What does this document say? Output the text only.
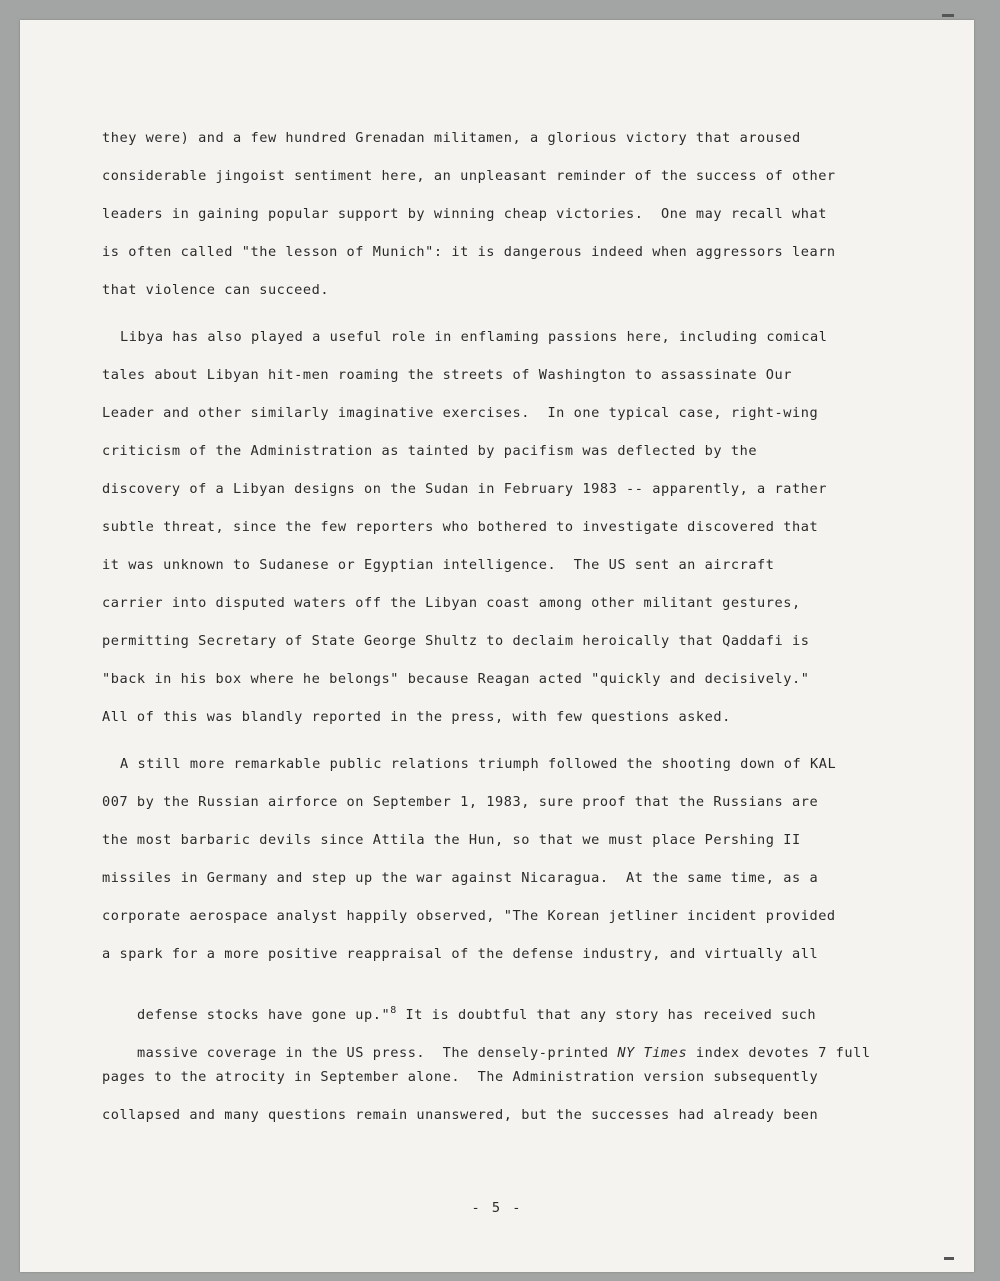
they were) and a few hundred Grenadan militamen, a glorious victory that aroused
considerable jingoist sentiment here, an unpleasant reminder of the success of other
leaders in gaining popular support by winning cheap victories.  One may recall what
is often called "the lesson of Munich": it is dangerous indeed when aggressors learn
that violence can succeed.
Libya has also played a useful role in enflaming passions here, including comical
tales about Libyan hit-men roaming the streets of Washington to assassinate Our
Leader and other similarly imaginative exercises.  In one typical case, right-wing
criticism of the Administration as tainted by pacifism was deflected by the
discovery of a Libyan designs on the Sudan in February 1983 -- apparently, a rather
subtle threat, since the few reporters who bothered to investigate discovered that
it was unknown to Sudanese or Egyptian intelligence.  The US sent an aircraft
carrier into disputed waters off the Libyan coast among other militant gestures,
permitting Secretary of State George Shultz to declaim heroically that Qaddafi is
"back in his box where he belongs" because Reagan acted "quickly and decisively."
All of this was blandly reported in the press, with few questions asked.
A still more remarkable public relations triumph followed the shooting down of KAL
007 by the Russian airforce on September 1, 1983, sure proof that the Russians are
the most barbaric devils since Attila the Hun, so that we must place Pershing II
missiles in Germany and step up the war against Nicaragua.  At the same time, as a
corporate aerospace analyst happily observed, "The Korean jetliner incident provided
a spark for a more positive reappraisal of the defense industry, and virtually all

defense stocks have gone up."$^8$ It is doubtful that any story has received such

massive coverage in the US press.  The densely-printed NY Times index devotes 7 full

pages to the atrocity in September alone.  The Administration version subsequently
collapsed and many questions remain unanswered, but the successes had already been
- 5 -
